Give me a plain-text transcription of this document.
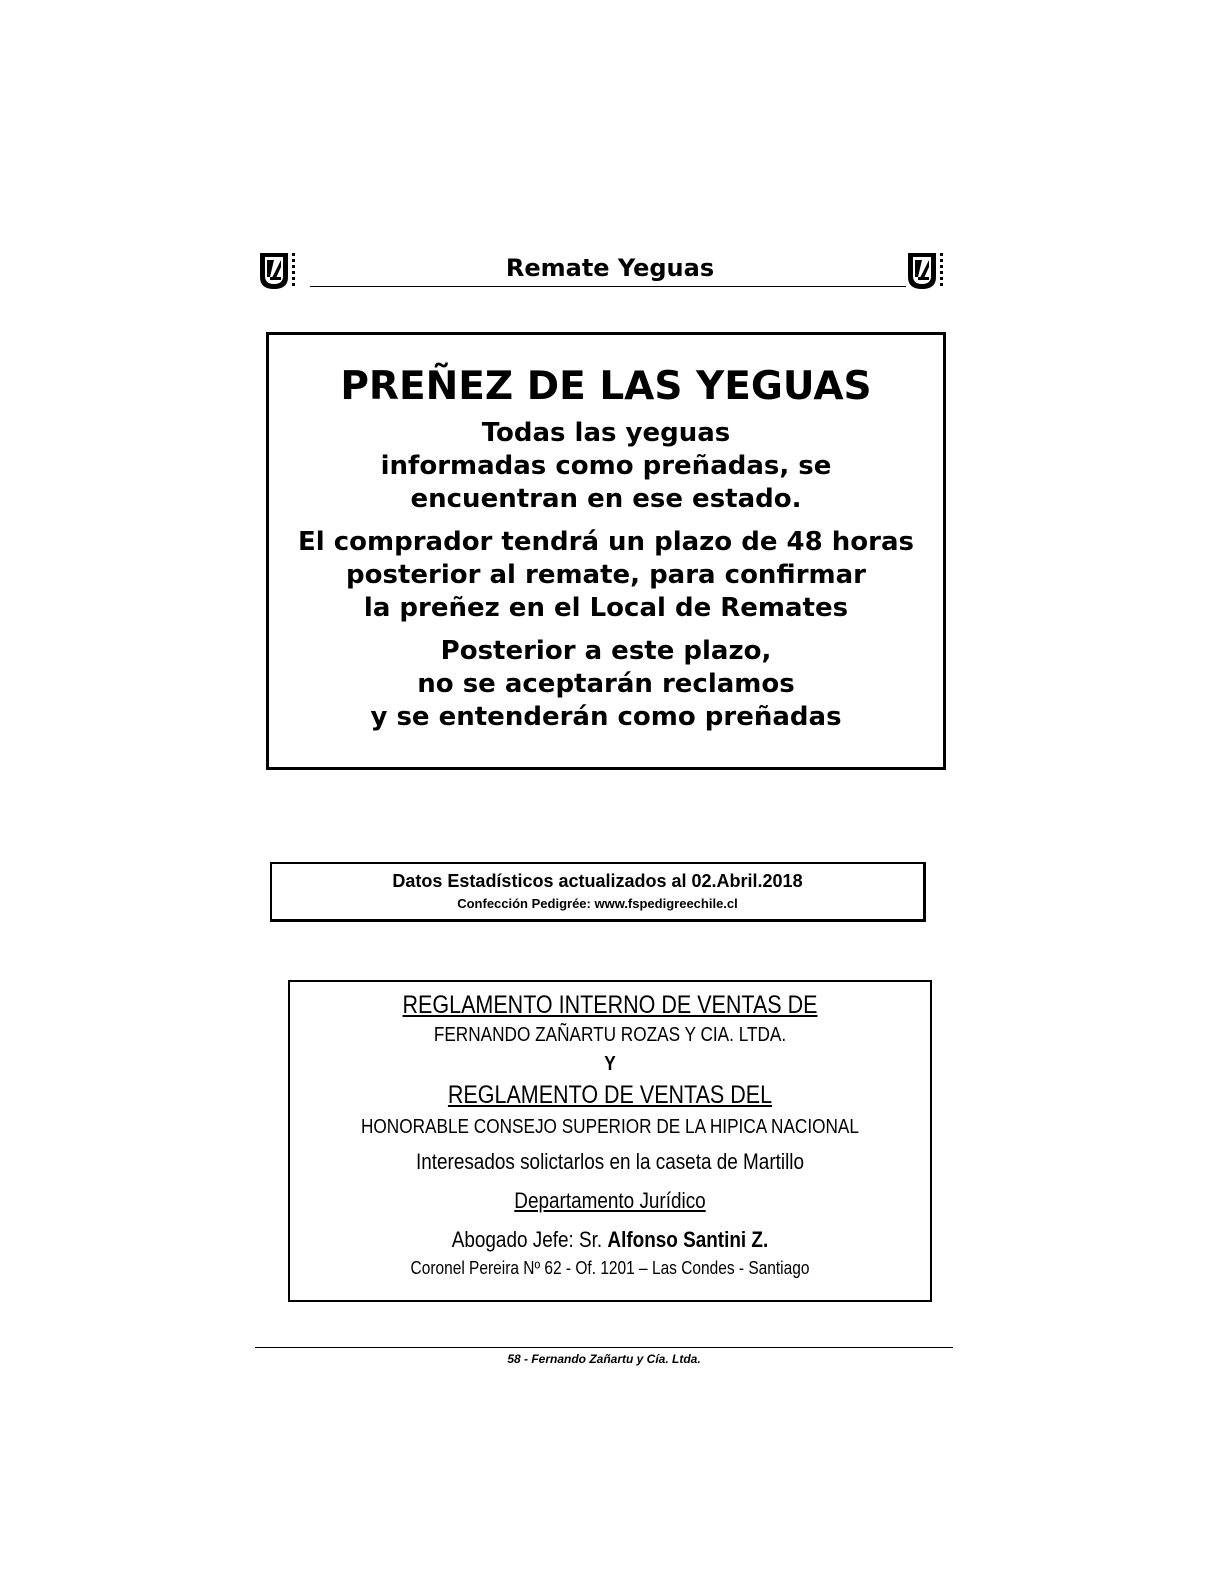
Remate Yeguas
PREÑEZ DE LAS YEGUAS
Todas las yeguas
informadas como preñadas, se
encuentran en ese estado.
El comprador tendrá un plazo de 48 horas
posterior al remate, para confirmar
la preñez en el Local de Remates
Posterior a este plazo,
no se aceptarán reclamos
y se entenderán como preñadas
Datos Estadísticos actualizados al 02.Abril.2018
Confección Pedigrée: www.fspedigreechile.cl
REGLAMENTO INTERNO DE VENTAS DE
FERNANDO ZAÑARTU ROZAS Y CIA. LTDA.
Y
REGLAMENTO DE VENTAS DEL
HONORABLE CONSEJO SUPERIOR DE LA HIPICA NACIONAL
Interesados solictarlos en la caseta de Martillo
Departamento Jurídico
Abogado Jefe: Sr. Alfonso Santini Z.
Coronel Pereira Nº 62 - Of. 1201 – Las Condes - Santiago
58 - Fernando Zañartu y Cía. Ltda.
